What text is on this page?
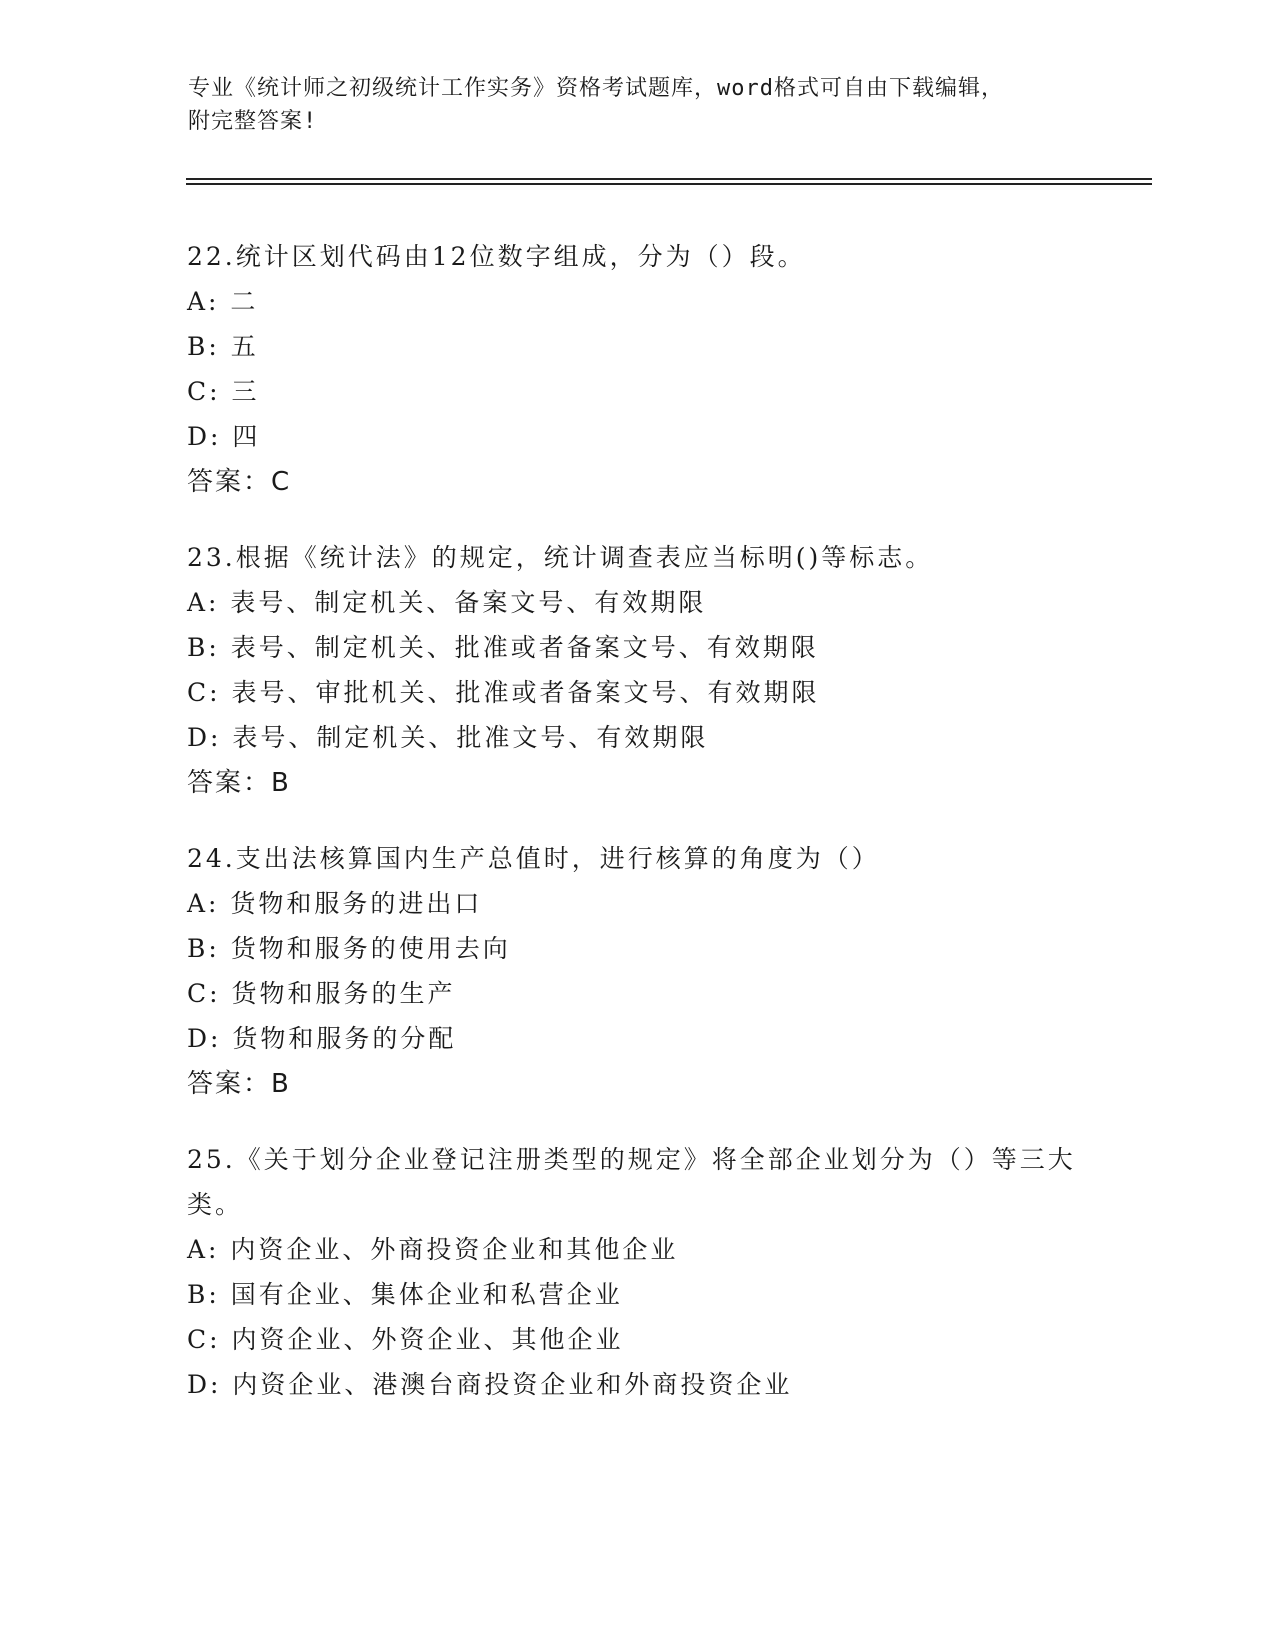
专业《统计师之初级统计工作实务》资格考试题库，word格式可自由下载编辑，
附完整答案!

22.统计区划代码由12位数字组成，分为（）段。

A: 二

B: 五

C: 三

D: 四

答案：C

23.根据《统计法》的规定，统计调查表应当标明()等标志。

A: 表号、制定机关、备案文号、有效期限

B: 表号、制定机关、批准或者备案文号、有效期限

C: 表号、审批机关、批准或者备案文号、有效期限

D: 表号、制定机关、批准文号、有效期限

答案：B

24.支出法核算国内生产总值时，进行核算的角度为（）

A: 货物和服务的进出口

B: 货物和服务的使用去向

C: 货物和服务的生产

D: 货物和服务的分配

答案：B

25.《关于划分企业登记注册类型的规定》将全部企业划分为（）等三大类。

A: 内资企业、外商投资企业和其他企业

B: 国有企业、集体企业和私营企业

C: 内资企业、外资企业、其他企业

D: 内资企业、港澳台商投资企业和外商投资企业
